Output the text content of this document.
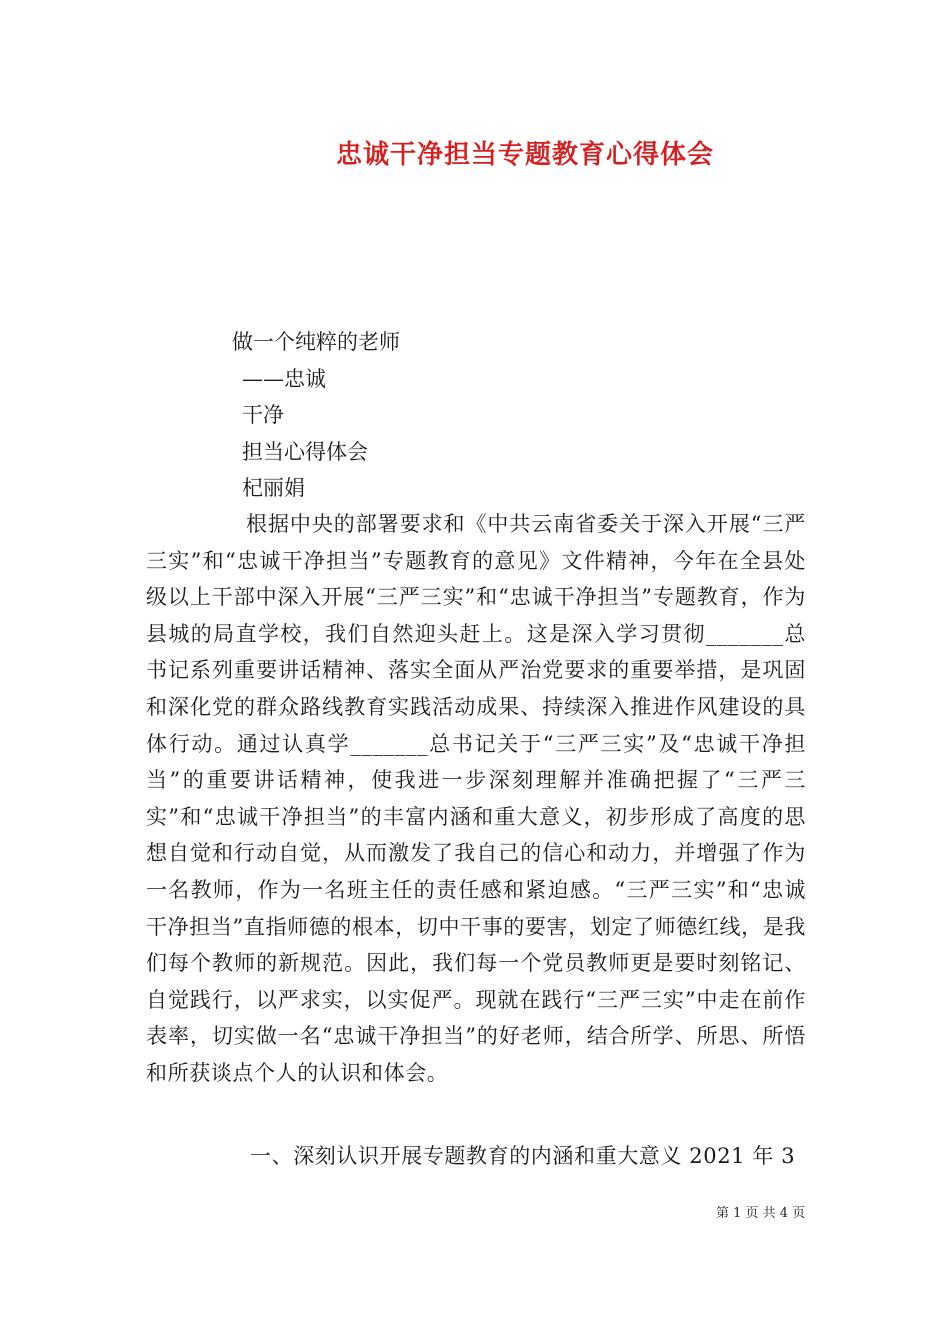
忠诚干净担当专题教育心得体会
做一个纯粹的老师
——忠诚
干净
担当心得体会
杞丽娟
根据中央的部署要求和《中共云南省委关于深入开展“三严三实”和“忠诚干净担当”专题教育的意见》文件精神，今年在全县处级以上干部中深入开展“三严三实”和“忠诚干净担当”专题教育，作为县城的局直学校，我们自然迎头赶上。这是深入学习贯彻_______总书记系列重要讲话精神、落实全面从严治党要求的重要举措，是巩固和深化党的群众路线教育实践活动成果、持续深入推进作风建设的具体行动。通过认真学_______总书记关于“三严三实”及“忠诚干净担当”的重要讲话精神，使我进一步深刻理解并准确把握了“三严三实”和“忠诚干净担当”的丰富内涵和重大意义，初步形成了高度的思想自觉和行动自觉，从而激发了我自己的信心和动力，并增强了作为一名教师，作为一名班主任的责任感和紧迫感。“三严三实”和“忠诚干净担当”直指师德的根本，切中干事的要害，划定了师德红线，是我们每个教师的新规范。因此，我们每一个党员教师更是要时刻铭记、自觉践行，以严求实，以实促严。现就在践行“三严三实”中走在前作表率，切实做一名“忠诚干净担当”的好老师，结合所学、所思、所悟和所获谈点个人的认识和体会。
一、深刻认识开展专题教育的内涵和重大意义 2021 年 3
第 1 页 共 4 页
